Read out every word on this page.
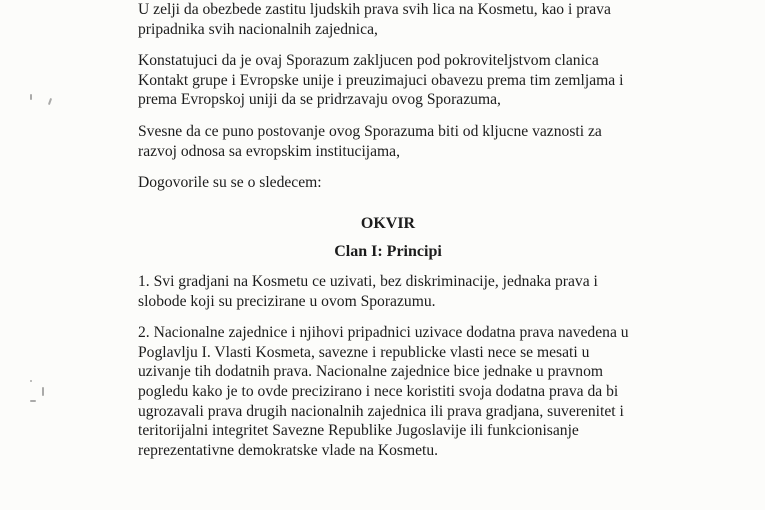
U zelji da obezbede zastitu ljudskih prava svih lica na Kosmetu, kao i prava
pripadnika svih nacionalnih zajednica,

Konstatujuci da je ovaj Sporazum zakljucen pod pokroviteljstvom clanica
Kontakt grupe i Evropske unije i preuzimajuci obavezu prema tim zemljama i
prema Evropskoj uniji da se pridrzavaju ovog Sporazuma,

Svesne da ce puno postovanje ovog Sporazuma biti od kljucne vaznosti za
razvoj odnosa sa evropskim institucijama,

Dogovorile su se o sledecem:

OKVIR
Clan I: Principi

1. Svi gradjani na Kosmetu ce uzivati, bez diskriminacije, jednaka prava i
slobode koji su precizirane u ovom Sporazumu.

2. Nacionalne zajednice i njihovi pripadnici uzivace dodatna prava navedena u
Poglavlju I. Vlasti Kosmeta, savezne i republicke vlasti nece se mesati u
uzivanje tih dodatnih prava. Nacionalne zajednice bice jednake u pravnom
pogledu kako je to ovde precizirano i nece koristiti svoja dodatna prava da bi
ugrozavali prava drugih nacionalnih zajednica ili prava gradjana, suverenitet i
teritorijalni integritet Savezne Republike Jugoslavije ili funkcionisanje
reprezentativne demokratske vlade na Kosmetu.
